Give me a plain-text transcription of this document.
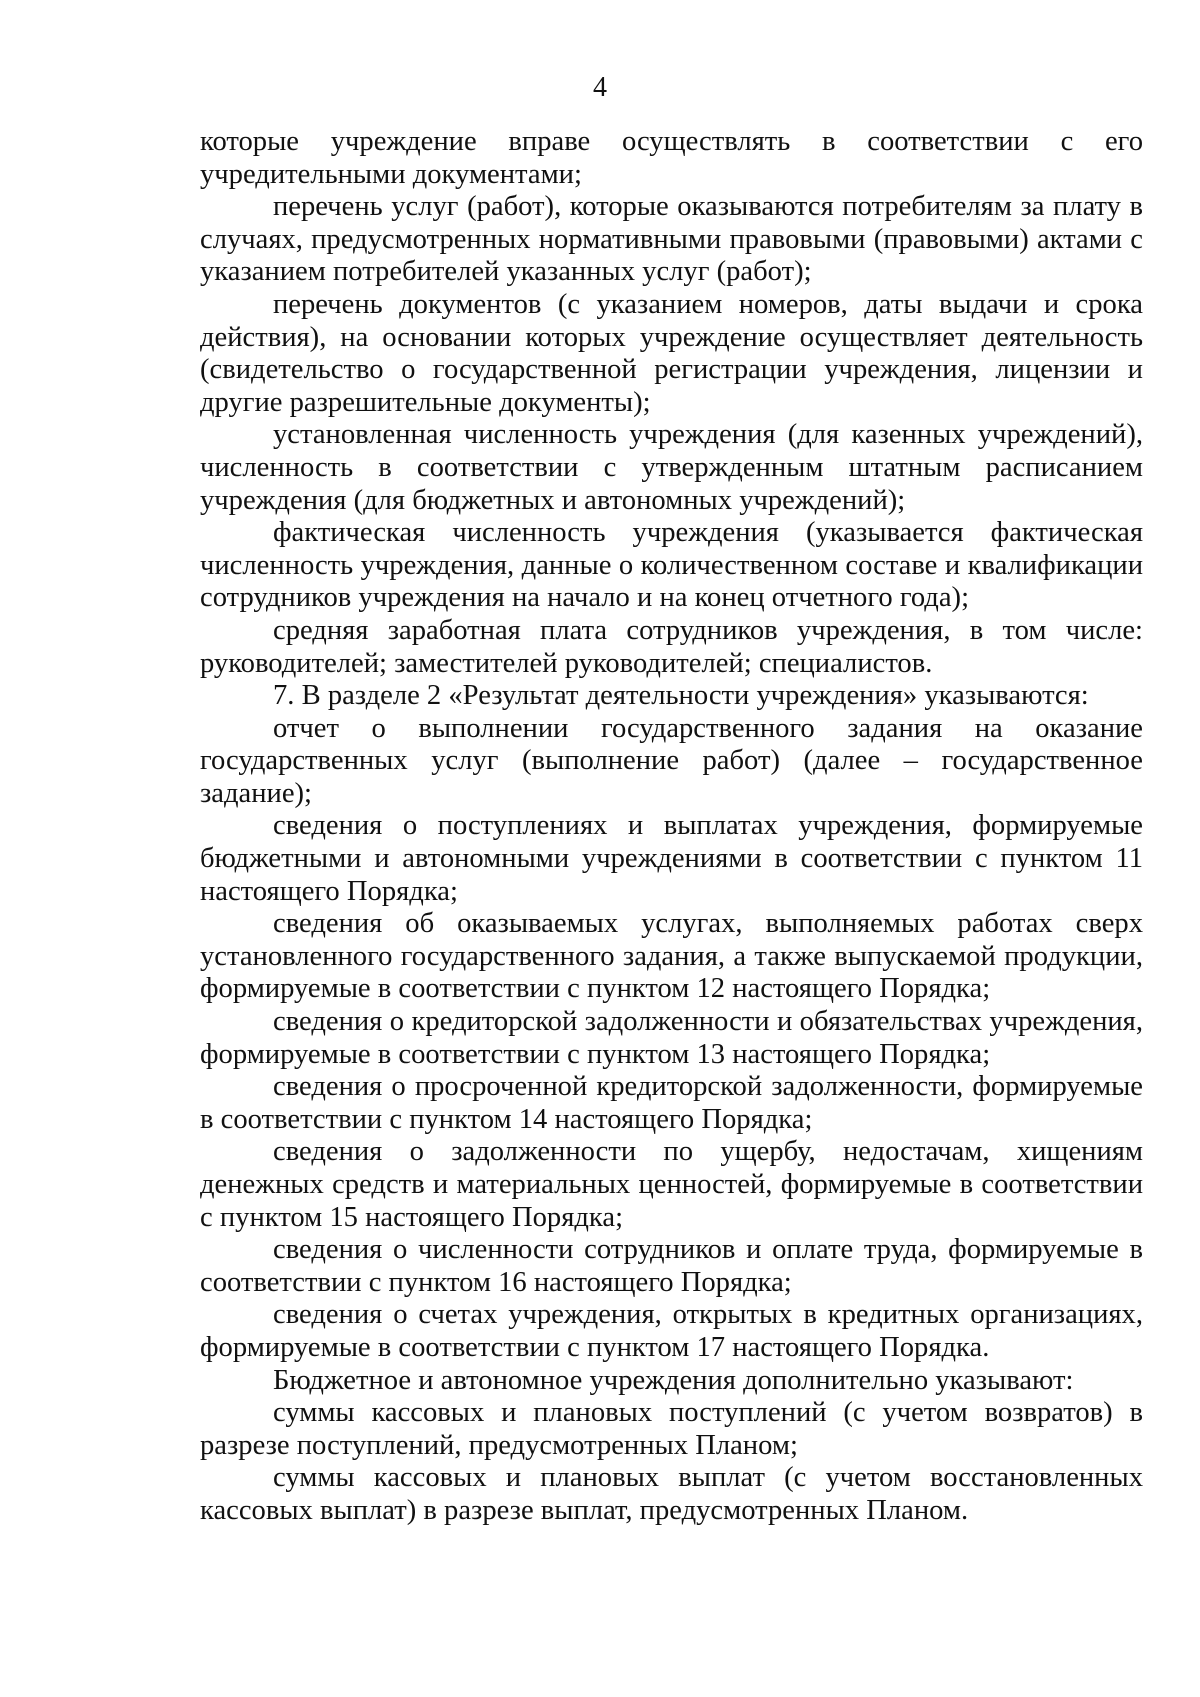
4

которые учреждение вправе осуществлять в соответствии с его учредительными документами;

перечень услуг (работ), которые оказываются потребителям за плату в случаях, предусмотренных нормативными правовыми (правовыми) актами с указанием потребителей указанных услуг (работ);

перечень документов (с указанием номеров, даты выдачи и срока действия), на основании которых учреждение осуществляет деятельность (свидетельство о государственной регистрации учреждения, лицензии и другие разрешительные документы);

установленная численность учреждения (для казенных учреждений), численность в соответствии с утвержденным штатным расписанием учреждения (для бюджетных и автономных учреждений);

фактическая численность учреждения (указывается фактическая численность учреждения, данные о количественном составе и квалификации сотрудников учреждения на начало и на конец отчетного года);

средняя заработная плата сотрудников учреждения, в том числе: руководителей; заместителей руководителей; специалистов.

7. В разделе 2 «Результат деятельности учреждения» указываются:

отчет о выполнении государственного задания на оказание государственных услуг (выполнение работ) (далее – государственное задание);

сведения о поступлениях и выплатах учреждения, формируемые бюджетными и автономными учреждениями в соответствии с пунктом 11 настоящего Порядка;

сведения об оказываемых услугах, выполняемых работах сверх установленного государственного задания, а также выпускаемой продукции, формируемые в соответствии с пунктом 12 настоящего Порядка;

сведения о кредиторской задолженности и обязательствах учреждения, формируемые в соответствии с пунктом 13 настоящего Порядка;

сведения о просроченной кредиторской задолженности, формируемые в соответствии с пунктом 14 настоящего Порядка;

сведения о задолженности по ущербу, недостачам, хищениям денежных средств и материальных ценностей, формируемые в соответствии с пунктом 15 настоящего Порядка;

сведения о численности сотрудников и оплате труда, формируемые в соответствии с пунктом 16 настоящего Порядка;

сведения о счетах учреждения, открытых в кредитных организациях, формируемые в соответствии с пунктом 17 настоящего Порядка.

Бюджетное и автономное учреждения дополнительно указывают:

суммы кассовых и плановых поступлений (с учетом возвратов) в разрезе поступлений, предусмотренных Планом;

суммы кассовых и плановых выплат (с учетом восстановленных кассовых выплат) в разрезе выплат, предусмотренных Планом.
